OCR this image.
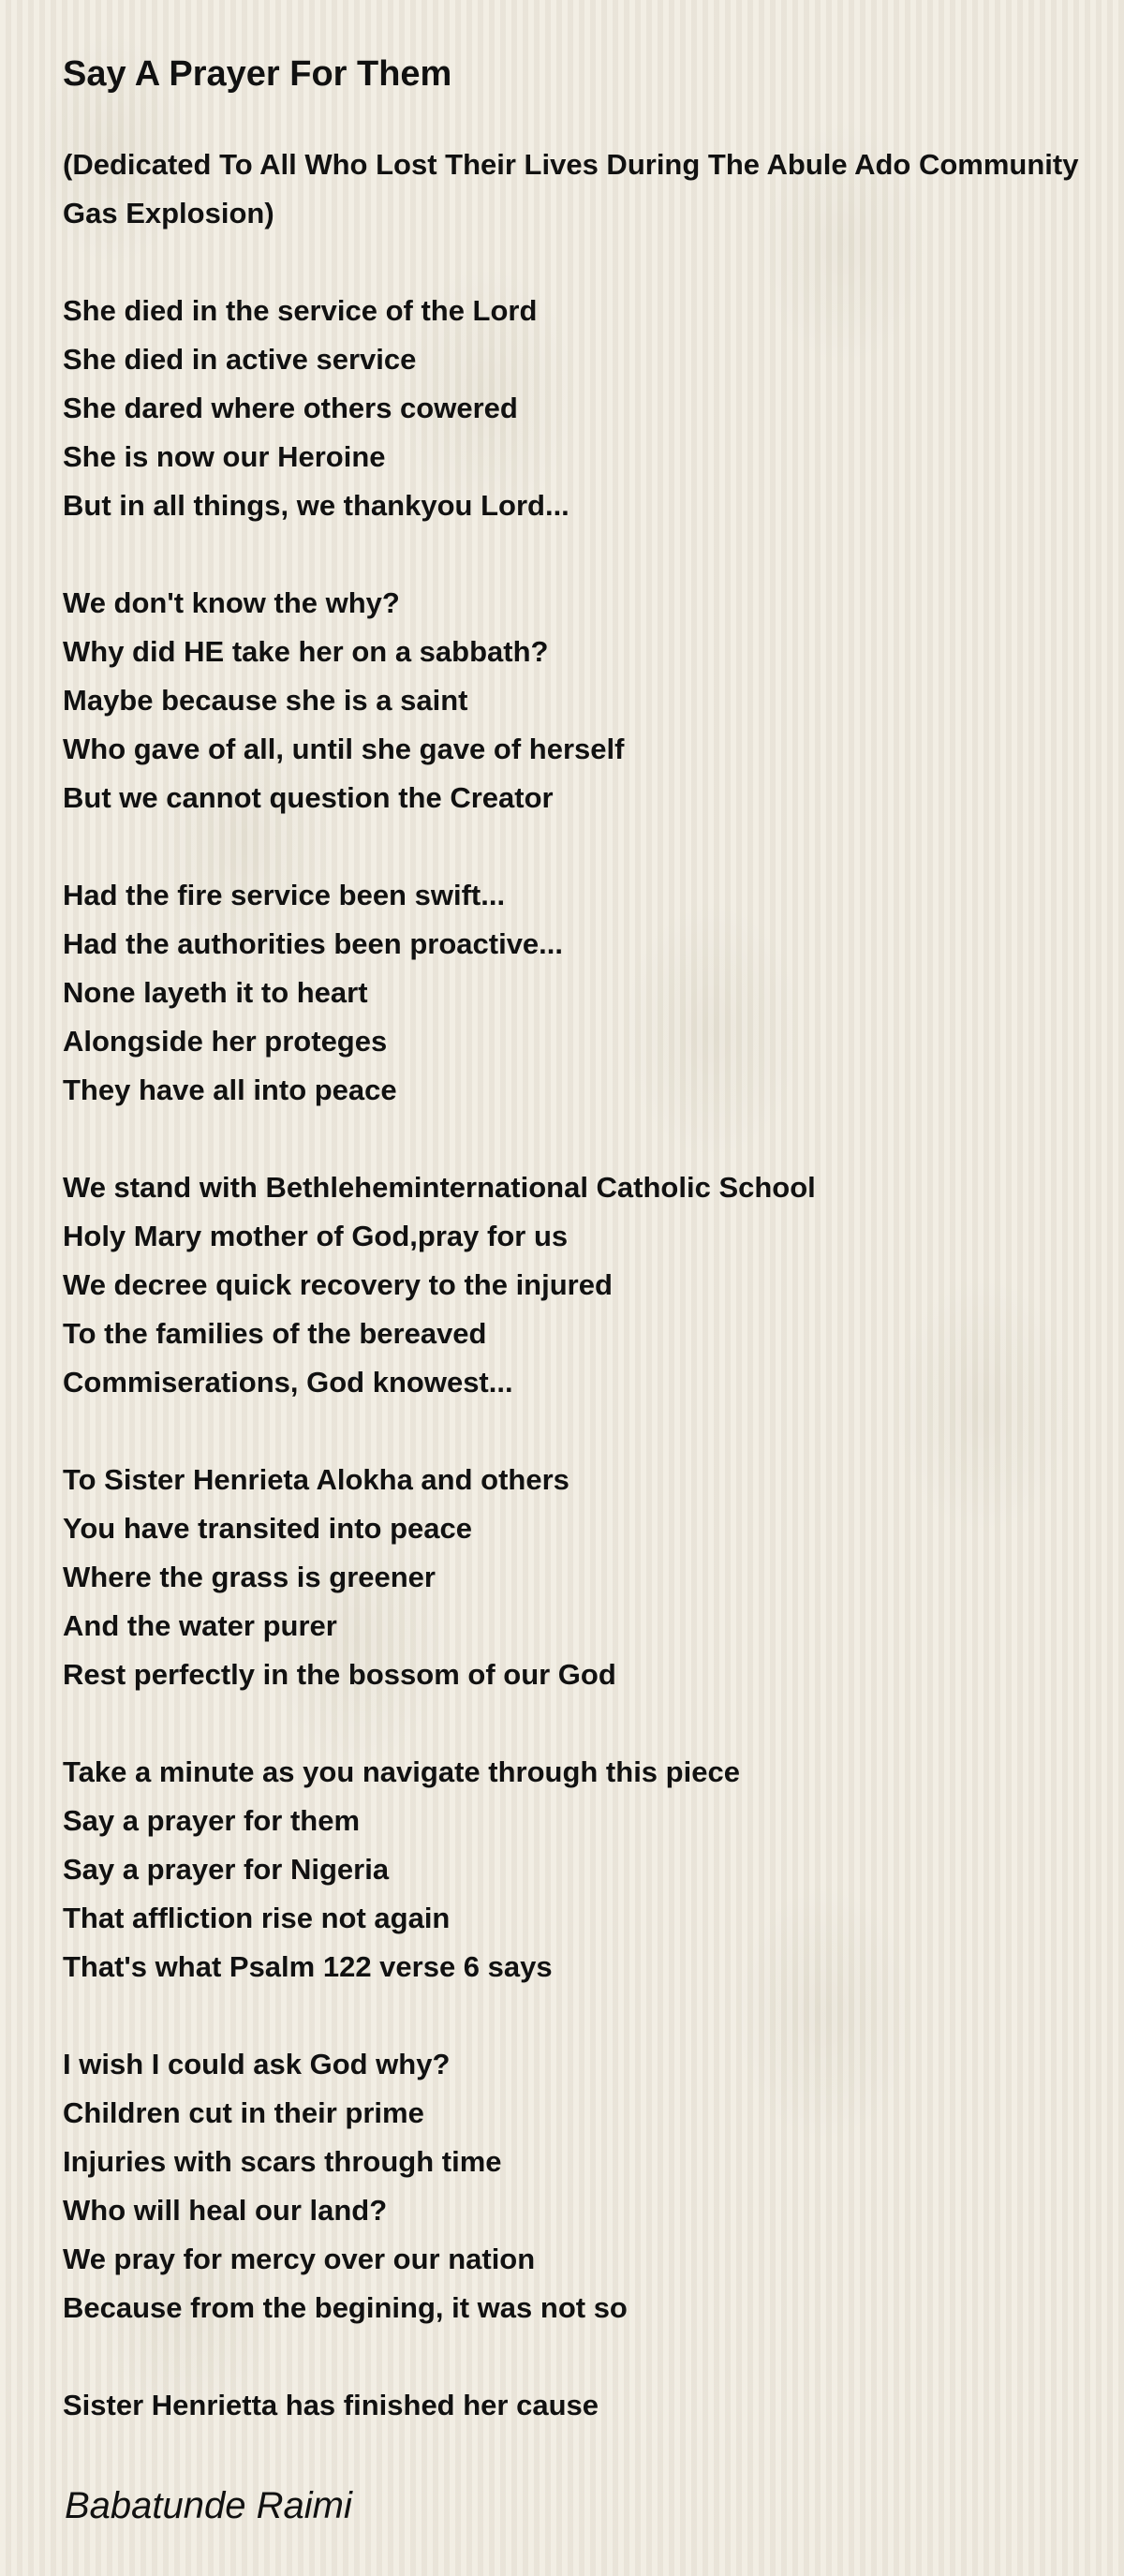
Say A Prayer For Them
(Dedicated To All Who Lost Their Lives During The Abule Ado Community
Gas Explosion)
She died in the service of the Lord
She died in active service
She dared where others cowered
She is now our Heroine
But in all things, we thankyou Lord...
We don't know the why?
Why did HE take her on a sabbath?
Maybe because she is a saint
Who gave of all, until she gave of herself
But we cannot question the Creator
Had the fire service been swift...
Had the authorities been proactive...
None layeth it to heart
Alongside her proteges
They have all into peace
We stand with Bethleheminternational Catholic School
Holy Mary mother of God,pray for us
We decree quick recovery to the injured
To the families of the bereaved
Commiserations, God knowest...
To Sister Henrieta Alokha and others
You have transited into peace
Where the grass is greener
And the water purer
Rest perfectly in the bossom of our God
Take a minute as you navigate through this piece
Say a prayer for them
Say a prayer for Nigeria
That affliction rise not again
That's what Psalm 122 verse 6 says
I wish I could ask God why?
Children cut in their prime
Injuries with scars through time
Who will heal our land?
We pray for mercy over our nation
Because from the begining, it was not so
Sister Henrietta has finished her cause
Babatunde Raimi
